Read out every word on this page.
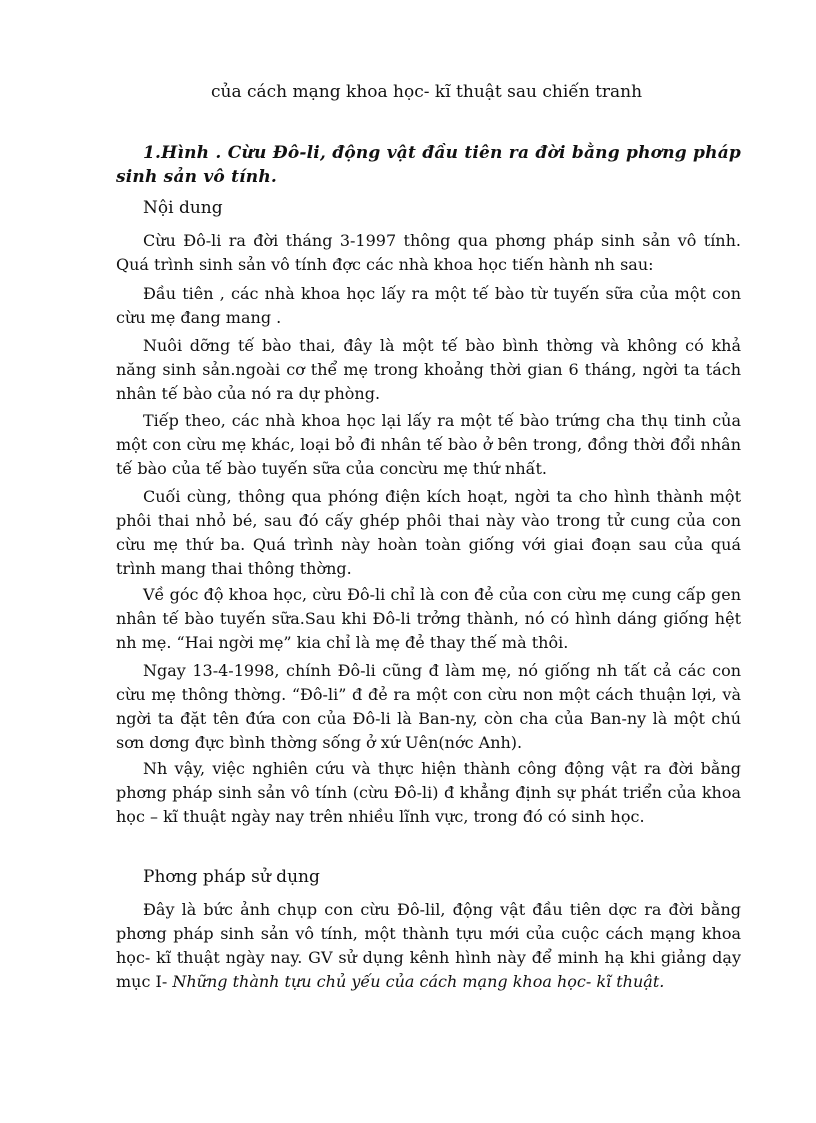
của cách mạng khoa học- kĩ thuật sau chiến tranh
1.Hình . Cừu Đô-li, động vật đầu tiên ra đời bằng phơng pháp sinh sản vô tính.
Nội dung

Cừu Đô-li ra đời tháng 3-1997 thông qua phơng pháp sinh sản vô tính. Quá trình sinh sản vô tính đợc các nhà khoa học tiến hành nh sau:

Đầu tiên , các nhà khoa học lấy ra một tế bào từ tuyến sữa của một con cừu mẹ đang mang .

Nuôi dỡng tế bào thai, đây là một tế bào bình thờng và không có khả năng sinh sản.ngoài cơ thể mẹ trong khoảng thời gian 6 tháng, ngời ta tách nhân tế bào của nó ra dự phòng.

Tiếp theo, các nhà khoa học lại lấy ra một tế bào trứng cha thụ tinh của một con cừu mẹ khác, loại bỏ đi nhân tế bào ở bên trong, đồng thời đổi nhân tế bào của tế bào tuyến sữa của concừu mẹ thứ nhất.

Cuối cùng, thông qua phóng điện kích hoạt, ngời ta cho hình thành một phôi thai nhỏ bé, sau đó cấy ghép phôi thai này vào trong tử cung của con cừu mẹ thứ ba. Quá trình này hoàn toàn giống với giai đoạn sau của quá trình mang thai thông thờng.

Về góc độ khoa học, cừu Đô-li chỉ là con đẻ của con cừu mẹ cung cấp gen nhân tế bào tuyến sữa.Sau khi Đô-li trởng thành, nó có hình dáng giống hệt nh mẹ. “Hai ngời mẹ” kia chỉ là mẹ đẻ thay thế mà thôi.

Ngay 13-4-1998, chính Đô-li cũng đ làm mẹ, nó giống nh tất cả các con cừu mẹ thông thờng. “Đô-li” đ đẻ ra một con cừu non một cách thuận lợi, và ngời ta đặt tên đứa con của Đô-li là Ban-ny, còn cha của Ban-ny là một chú sơn dơng đực bình thờng sống ở xứ Uên(nớc Anh).

Nh vậy, việc nghiên cứu và thực hiện thành công động vật ra đời bằng phơng pháp sinh sản vô tính (cừu Đô-li) đ khẳng định sự phát triển của khoa học – kĩ thuật ngày nay trên nhiều lĩnh vực, trong đó có sinh học.

Phơng pháp sử dụng

Đây là bức ảnh chụp con cừu Đô-lil, động vật đầu tiên dợc ra đời bằng phơng pháp sinh sản vô tính, một thành tựu mới của cuộc cách mạng khoa học- kĩ thuật ngày nay. GV sử dụng kênh hình này để minh hạ khi giảng dạy mục I- Những thành tựu chủ yếu của cách mạng khoa học- kĩ thuật.
